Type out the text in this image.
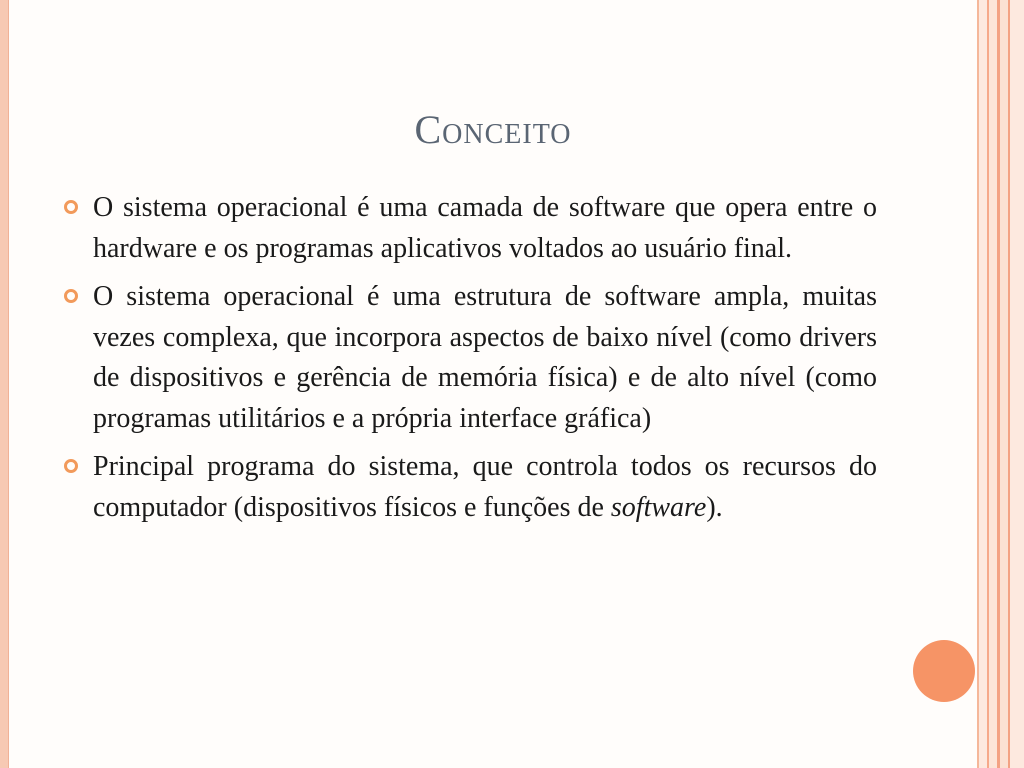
Conceito
O sistema operacional é uma camada de software que opera entre o hardware e os programas aplicativos voltados ao usuário final.
O sistema operacional é uma estrutura de software ampla, muitas vezes complexa, que incorpora aspectos de baixo nível (como drivers de dispositivos e gerência de memória física) e de alto nível (como programas utilitários e a própria interface gráfica)
Principal programa do sistema, que controla todos os recursos do computador (dispositivos físicos e funções de software).
